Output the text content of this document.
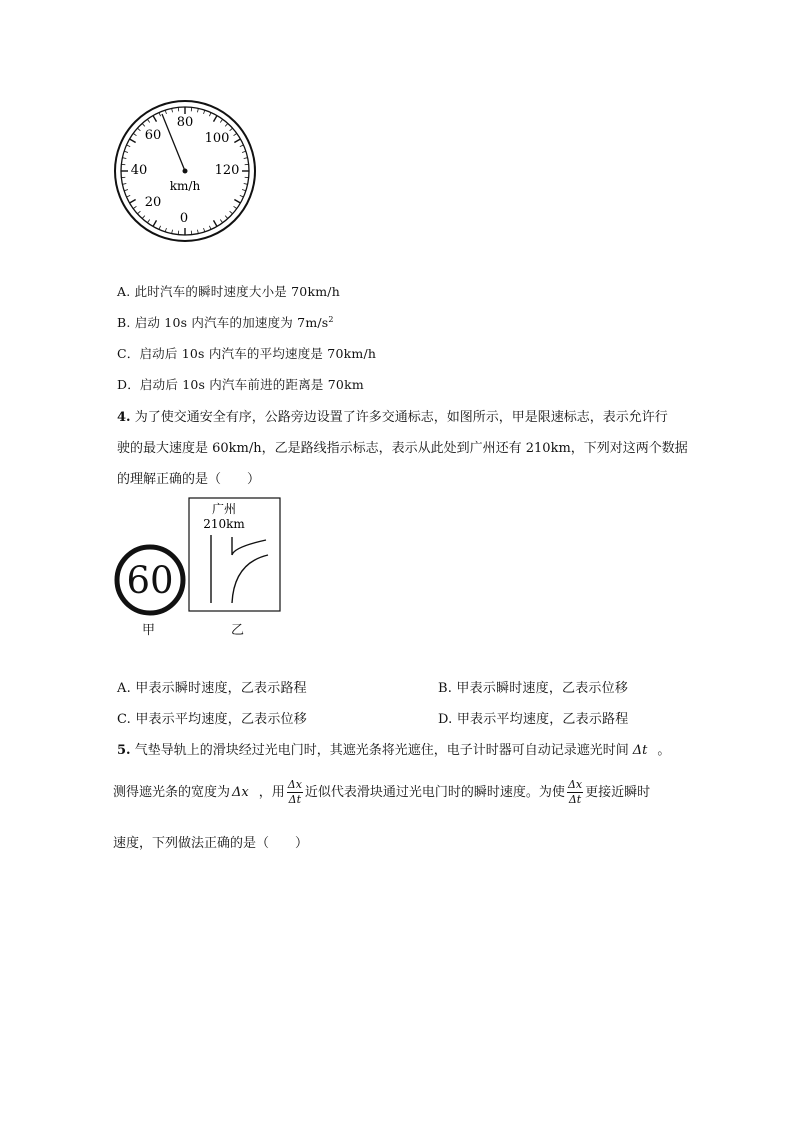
0
20
40
60
80
100
120
km/h
A. 此时汽车的瞬时速度大小是 70km/h
B. 启动 10s 内汽车的加速度为 $7m/s^2$
C．启动后 10s 内汽车的平均速度是 70km/h
D．启动后 10s 内汽车前进的距离是 70km
4. 为了使交通安全有序，公路旁边设置了许多交通标志，如图所示，甲是限速标志，表示允许行
驶的最大速度是 60km/h，乙是路线指示标志，表示从此处到广州还有 210km，下列对这两个数据
的理解正确的是（　　）
60
甲
广州
210km
乙
A. 甲表示瞬时速度，乙表示路程	B. 甲表示瞬时速度，乙表示位移
C. 甲表示平均速度，乙表示位移	D. 甲表示平均速度，乙表示路程
5. 气垫导轨上的滑块经过光电门时，其遮光条将光遮住，电子计时器可自动记录遮光时间 Δt 。
测得遮光条的宽度为 Δx ，用 $\frac{\Delta x}{\Delta t}$ 近似代表滑块通过光电门时的瞬时速度。为使 $\frac{\Delta x}{\Delta t}$ 更接近瞬时
速度，下列做法正确的是（　　）
